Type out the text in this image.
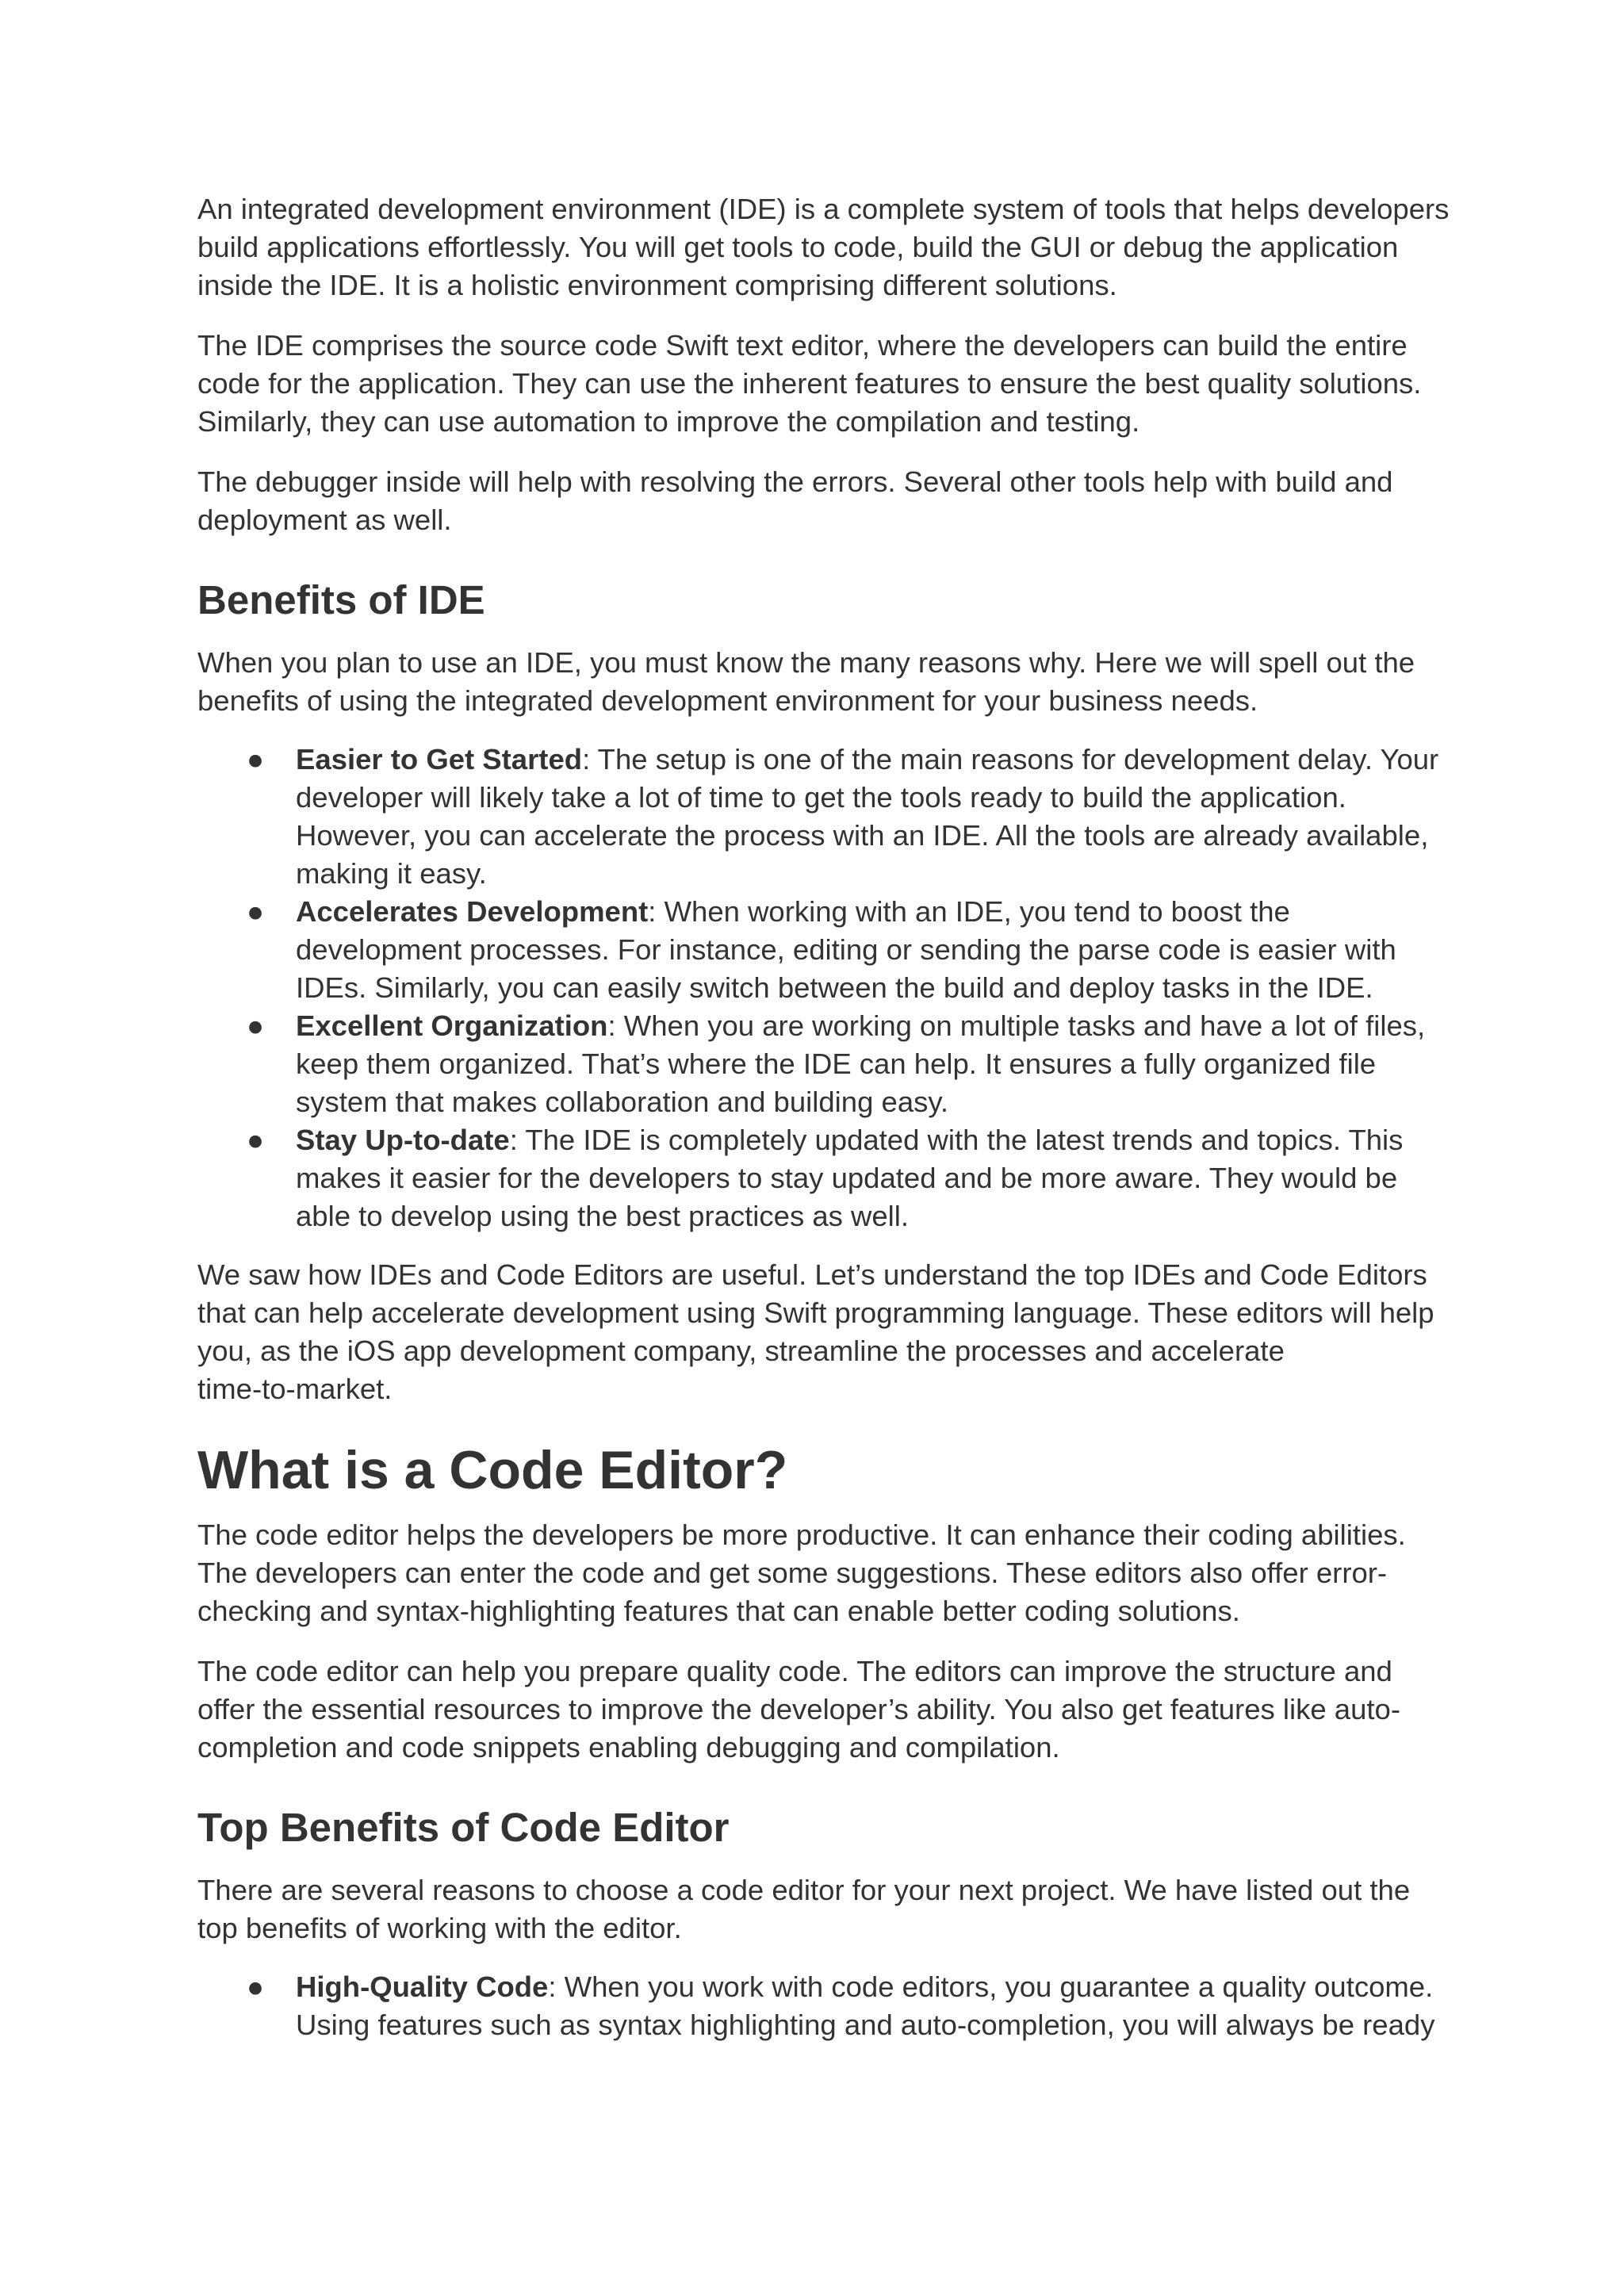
An integrated development environment (IDE) is a complete system of tools that helps developers build applications effortlessly. You will get tools to code, build the GUI or debug the application inside the IDE. It is a holistic environment comprising different solutions.

The IDE comprises the source code Swift text editor, where the developers can build the entire code for the application. They can use the inherent features to ensure the best quality solutions. Similarly, they can use automation to improve the compilation and testing.

The debugger inside will help with resolving the errors. Several other tools help with build and deployment as well.

Benefits of IDE

When you plan to use an IDE, you must know the many reasons why. Here we will spell out the benefits of using the integrated development environment for your business needs.

● Easier to Get Started: The setup is one of the main reasons for development delay. Your developer will likely take a lot of time to get the tools ready to build the application. However, you can accelerate the process with an IDE. All the tools are already available, making it easy.
● Accelerates Development: When working with an IDE, you tend to boost the development processes. For instance, editing or sending the parse code is easier with IDEs. Similarly, you can easily switch between the build and deploy tasks in the IDE.
● Excellent Organization: When you are working on multiple tasks and have a lot of files, keep them organized. That’s where the IDE can help. It ensures a fully organized file system that makes collaboration and building easy.
● Stay Up-to-date: The IDE is completely updated with the latest trends and topics. This makes it easier for the developers to stay updated and be more aware. They would be able to develop using the best practices as well.

We saw how IDEs and Code Editors are useful. Let’s understand the top IDEs and Code Editors

that can help accelerate development using Swift programming language. These editors will help

you, as the iOS app development company, streamline the processes and accelerate

time-to-market.

What is a Code Editor?

The code editor helps the developers be more productive. It can enhance their coding abilities. The developers can enter the code and get some suggestions. These editors also offer error-checking and syntax-highlighting features that can enable better coding solutions.

The code editor can help you prepare quality code. The editors can improve the structure and offer the essential resources to improve the developer’s ability. You also get features like auto-completion and code snippets enabling debugging and compilation.

Top Benefits of Code Editor

There are several reasons to choose a code editor for your next project. We have listed out the top benefits of working with the editor.

● High-Quality Code: When you work with code editors, you guarantee a quality outcome. Using features such as syntax highlighting and auto-completion, you will always be ready
